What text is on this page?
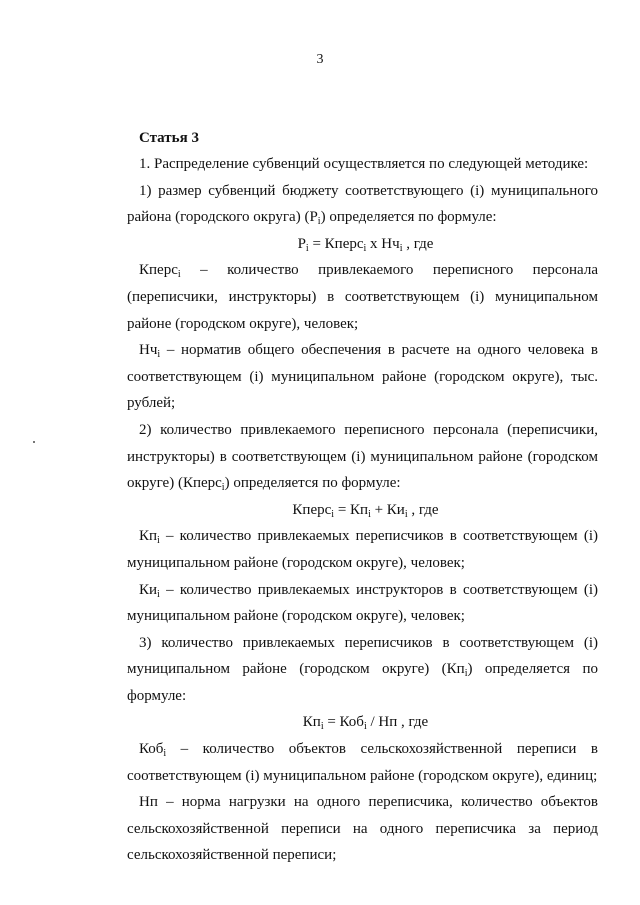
3
Статья 3

1. Распределение субвенций осуществляется по следующей методике:

1) размер субвенций бюджету соответствующего (i) муниципального района (городского округа) $(P_i)$ определяется по формуле:

$P_i$ = Кперс$_i$ x $Нч_i$ , где

Кперс$_i$ – количество привлекаемого переписного персонала (переписчики, инструкторы) в соответствующем (i) муниципальном районе (городском округе), человек;

$Нч_i$ – норматив общего обеспечения в расчете на одного человека в соответствующем (i) муниципальном районе (городском округе), тыс. рублей;

2) количество привлекаемого переписного персонала (переписчики, инструкторы) в соответствующем (i) муниципальном районе (городском округе) (Кперс$_i$) определяется по формуле:

Кперс$_i$ = $Кп_i + Ки_i$ , где

$Кп_i$ – количество привлекаемых переписчиков в соответствующем (i) муниципальном районе (городском округе), человек;

$Ки_i$ – количество привлекаемых инструкторов в соответствующем (i) муниципальном районе (городском округе), человек;

3) количество привлекаемых переписчиков в соответствующем (i) муниципальном районе (городском округе) $(Кп_i)$ определяется по формуле:

$Кп_i = Коб_i$ / Нп , где

Коб$_i$ – количество объектов сельскохозяйственной переписи в соответствующем (i) муниципальном районе (городском округе), единиц;

Нп – норма нагрузки на одного переписчика, количество объектов сельскохозяйственной переписи на одного переписчика за период сельскохозяйственной переписи;
